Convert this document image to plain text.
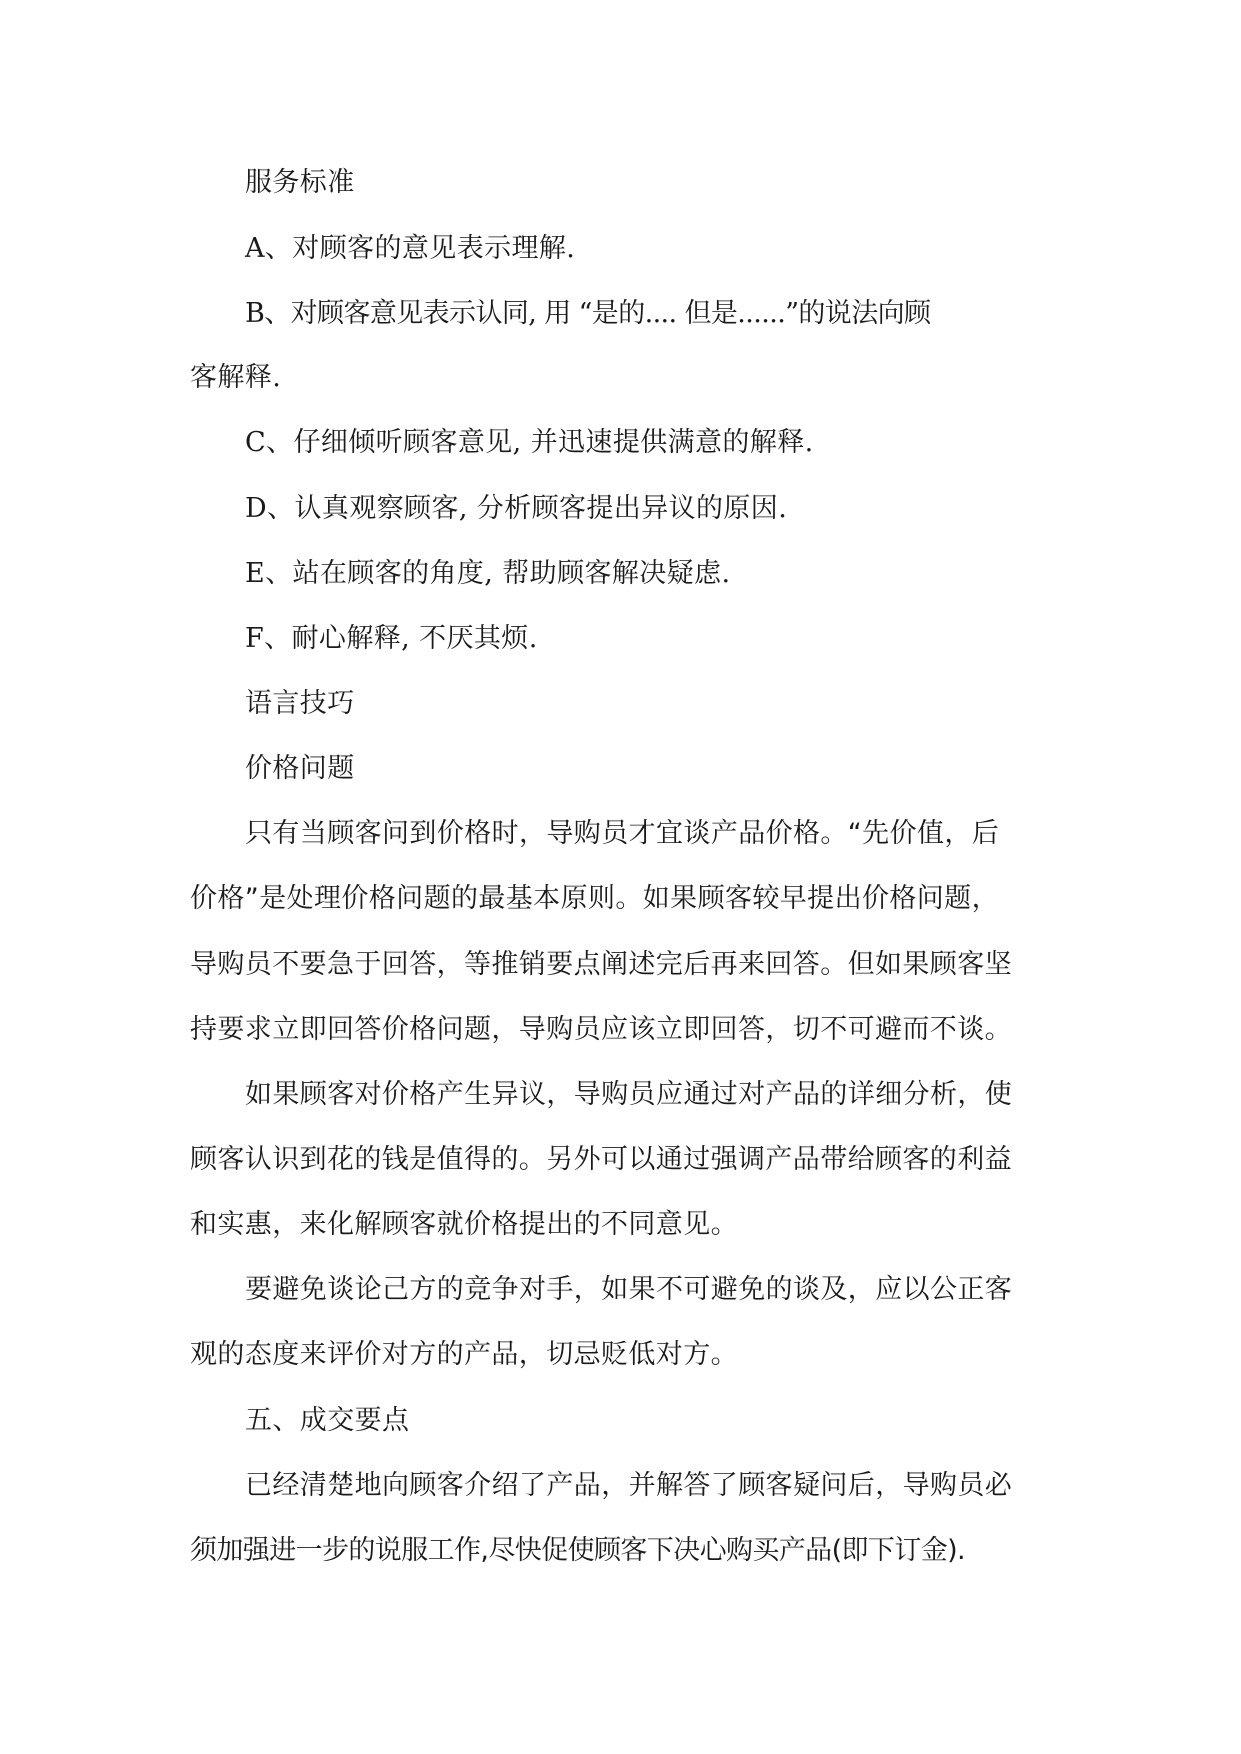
服务标准
A、对顾客的意见表示理解.
B、对顾客意见表示认同, 用 “是的.... 但是......”的说法向顾
客解释.
C、仔细倾听顾客意见, 并迅速提供满意的解释.
D、认真观察顾客, 分析顾客提出异议的原因.
E、站在顾客的角度, 帮助顾客解决疑虑.
F、耐心解释, 不厌其烦.
语言技巧
价格问题
只有当顾客问到价格时，导购员才宜谈产品价格。“先价值，后
价格”是处理价格问题的最基本原则。如果顾客较早提出价格问题，
导购员不要急于回答，等推销要点阐述完后再来回答。但如果顾客坚
持要求立即回答价格问题，导购员应该立即回答，切不可避而不谈。
如果顾客对价格产生异议，导购员应通过对产品的详细分析，使
顾客认识到花的钱是值得的。另外可以通过强调产品带给顾客的利益
和实惠，来化解顾客就价格提出的不同意见。
要避免谈论己方的竞争对手，如果不可避免的谈及，应以公正客
观的态度来评价对方的产品，切忌贬低对方。
五、成交要点
已经清楚地向顾客介绍了产品，并解答了顾客疑问后，导购员必
须加强进一步的说服工作,尽快促使顾客下决心购买产品(即下订金).
